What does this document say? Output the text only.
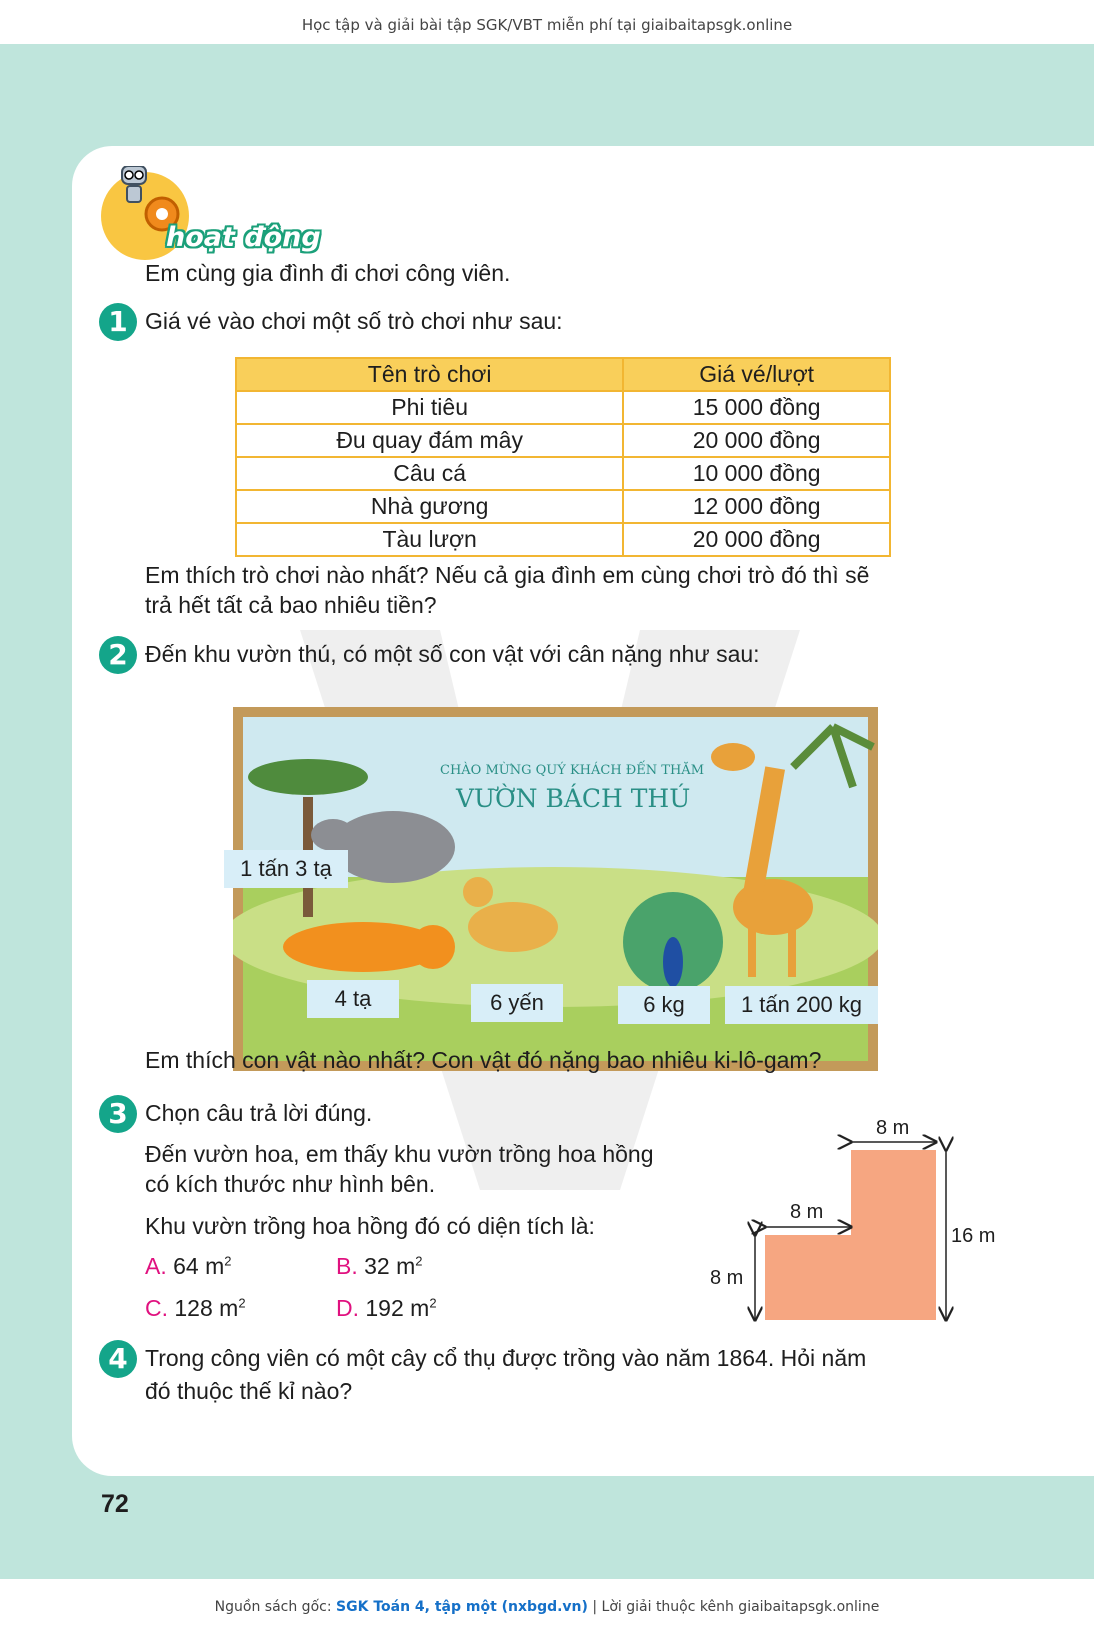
Học tập và giải bài tập SGK/VBT miễn phí tại giaibaitapsgk.online
hoạt động
Em cùng gia đình đi chơi công viên.
1 Giá vé vào chơi một số trò chơi như sau:
Tên trò chơi	Giá vé/lượt
Phi tiêu	15 000 đồng
Đu quay đám mây	20 000 đồng
Câu cá	10 000 đồng
Nhà gương	12 000 đồng
Tàu lượn	20 000 đồng
Em thích trò chơi nào nhất? Nếu cả gia đình em cùng chơi trò đó thì sẽ
trả hết tất cả bao nhiêu tiền?
2 Đến khu vườn thú, có một số con vật với cân nặng như sau:
CHÀO MỪNG QUÝ KHÁCH ĐẾN THĂM
VƯỜN BÁCH THÚ
1 tấn 3 tạ
4 tạ	6 yến	6 kg	1 tấn 200 kg
Em thích con vật nào nhất? Con vật đó nặng bao nhiêu ki-lô-gam?
3 Chọn câu trả lời đúng.
Đến vườn hoa, em thấy khu vườn trồng hoa hồng
có kích thước như hình bên.
Khu vườn trồng hoa hồng đó có diện tích là:
A. 64 $m^2$	B. 32 $m^2$
C. 128 $m^2$	D. 192 $m^2$
8 m
8 m
8 m
16 m
4 Trong công viên có một cây cổ thụ được trồng vào năm 1864. Hỏi năm
đó thuộc thế kỉ nào?
72
Nguồn sách gốc: SGK Toán 4, tập một (nxbgd.vn) | Lời giải thuộc kênh giaibaitapsgk.online
